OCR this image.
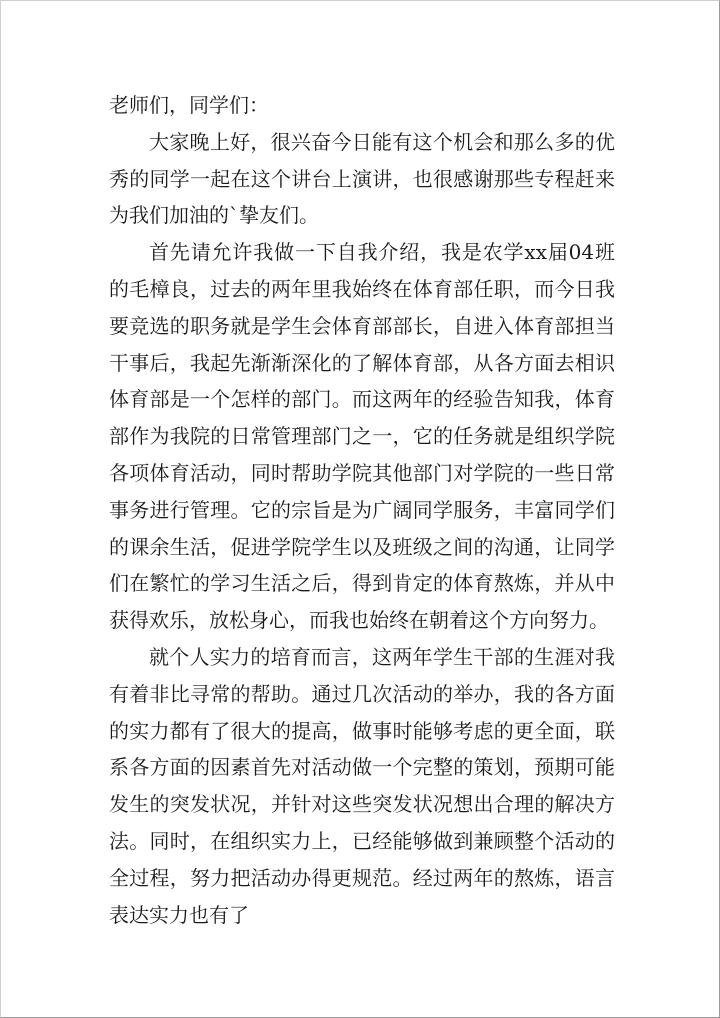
老师们，同学们：

大家晚上好，很兴奋今日能有这个机会和那么多的优秀的同学一起在这个讲台上演讲，也很感谢那些专程赶来为我们加油的`挚友们。

首先请允许我做一下自我介绍，我是农学xx届04班的毛樟良，过去的两年里我始终在体育部任职，而今日我要竞选的职务就是学生会体育部部长，自进入体育部担当干事后，我起先渐渐深化的了解体育部，从各方面去相识体育部是一个怎样的部门。而这两年的经验告知我，体育部作为我院的日常管理部门之一，它的任务就是组织学院各项体育活动，同时帮助学院其他部门对学院的一些日常事务进行管理。它的宗旨是为广阔同学服务，丰富同学们的课余生活，促进学院学生以及班级之间的沟通，让同学们在繁忙的学习生活之后，得到肯定的体育熬炼，并从中获得欢乐，放松身心，而我也始终在朝着这个方向努力。

就个人实力的培育而言，这两年学生干部的生涯对我有着非比寻常的帮助。通过几次活动的举办，我的各方面的实力都有了很大的提高，做事时能够考虑的更全面，联系各方面的因素首先对活动做一个完整的策划，预期可能发生的突发状况，并针对这些突发状况想出合理的解决方法。同时，在组织实力上，已经能够做到兼顾整个活动的全过程，努力把活动办得更规范。经过两年的熬炼，语言表达实力也有了
